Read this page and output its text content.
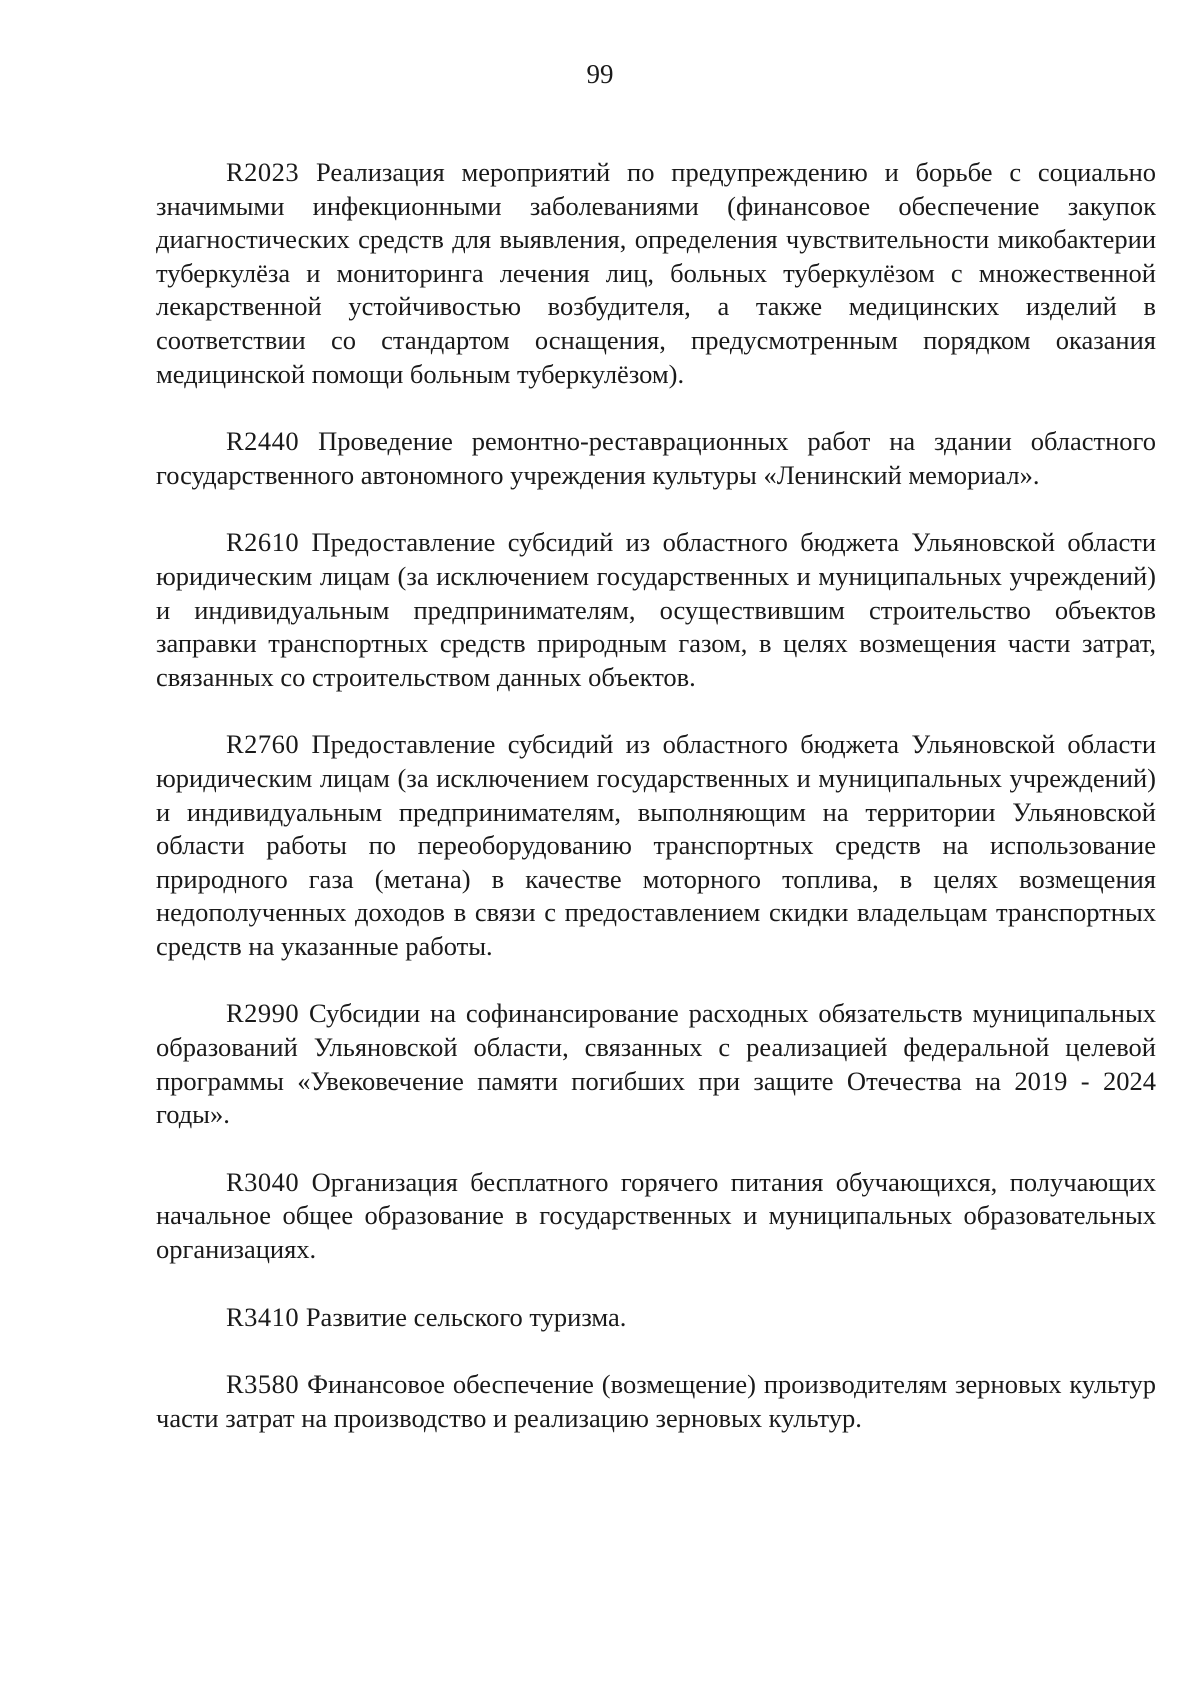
99

R2023 Реализация мероприятий по предупреждению и борьбе с социально значимыми инфекционными заболеваниями (финансовое обеспечение закупок диагностических средств для выявления, определения чувствительности микобактерии туберкулёза и мониторинга лечения лиц, больных туберкулёзом с множественной лекарственной устойчивостью возбудителя, а также медицинских изделий в соответствии со стандартом оснащения, предусмотренным порядком оказания медицинской помощи больным туберкулёзом).

R2440 Проведение ремонтно-реставрационных работ на здании областного государственного автономного учреждения культуры «Ленинский мемориал».

R2610 Предоставление субсидий из областного бюджета Ульяновской области юридическим лицам (за исключением государственных и муниципальных учреждений) и индивидуальным предпринимателям, осуществившим строительство объектов заправки транспортных средств природным газом, в целях возмещения части затрат, связанных со строительством данных объектов.

R2760 Предоставление субсидий из областного бюджета Ульяновской области юридическим лицам (за исключением государственных и муниципальных учреждений) и индивидуальным предпринимателям, выполняющим на территории Ульяновской области работы по переоборудованию транспортных средств на использование природного газа (метана) в качестве моторного топлива, в целях возмещения недополученных доходов в связи с предоставлением скидки владельцам транспортных средств на указанные работы.

R2990 Субсидии на софинансирование расходных обязательств муниципальных образований Ульяновской области, связанных с реализацией федеральной целевой программы «Увековечение памяти погибших при защите Отечества на 2019 - 2024 годы».

R3040 Организация бесплатного горячего питания обучающихся, получающих начальное общее образование в государственных и муниципальных образовательных организациях.

R3410 Развитие сельского туризма.

R3580 Финансовое обеспечение (возмещение) производителям зерновых культур части затрат на производство и реализацию зерновых культур.
